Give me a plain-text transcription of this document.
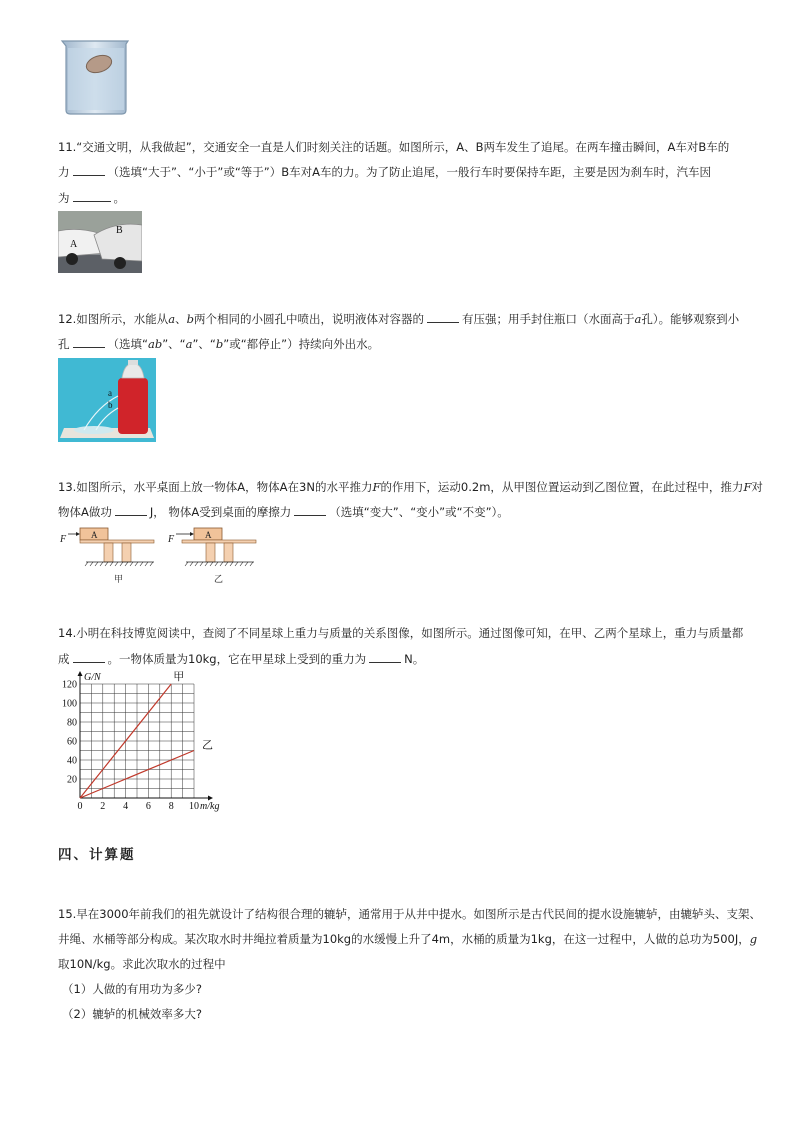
11.“交通文明，从我做起”，交通安全一直是人们时刻关注的话题。如图所示，A、B两车发生了追尾。在两车撞击瞬间，A车对B车的
力	（选填“大于”、“小于”或“等于”）B车对A车的力。为了防止追尾，一般行车时要保持车距，主要是因为刹车时，汽车因
为	。
A
B
12.如图所示，水能从a、b两个相同的小圆孔中喷出，说明液体对容器的	有压强；用手封住瓶口（水面高于a孔）。能够观察到小
孔	（选填“ab”、“a”、“b”或“都停止”）持续向外出水。
a
b
13.如图所示，水平桌面上放一物体A，物体A在3N的水平推力F的作用下，运动0.2m，从甲图位置运动到乙图位置，在此过程中，推力F对
物体A做功	J， 物体A受到桌面的摩擦力	（选填“变大”、“变小”或“不变”）。
F	A
甲
F	A
乙
14.小明在科技博览阅读中，查阅了不同星球上重力与质量的关系图像，如图所示。通过图像可知，在甲、乙两个星球上，重力与质量都
成	。一物体质量为10kg，它在甲星球上受到的重力为	N。
0 2 4 6 8 10
20
40
60
80
100
120
G/N
m/kg
甲
乙
四、计算题
15.早在3000年前我们的祖先就设计了结构很合理的辘轳，通常用于从井中提水。如图所示是古代民间的提水设施辘轳，由辘轳头、支架、
井绳、水桶等部分构成。某次取水时井绳拉着质量为10kg的水缓慢上升了4m，水桶的质量为1kg，在这一过程中，人做的总功为500J，g
取10N/kg。求此次取水的过程中
（1）人做的有用功为多少?
（2）辘轳的机械效率多大?
